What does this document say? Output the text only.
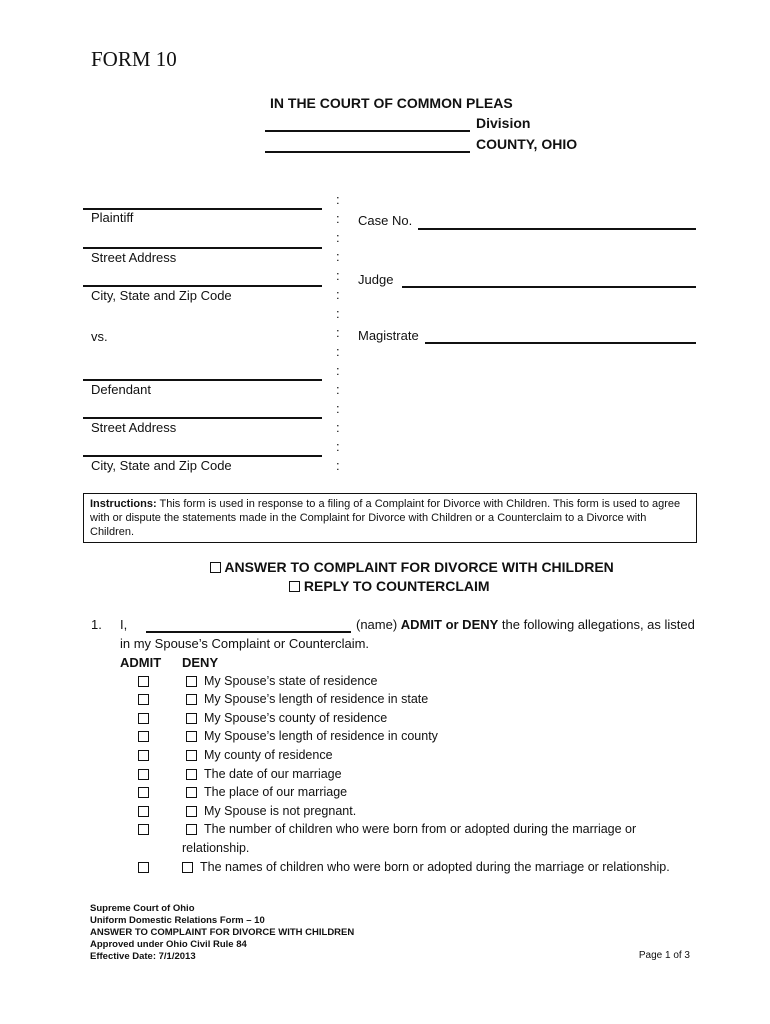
FORM 10
IN THE COURT OF COMMON PLEAS
Division
COUNTY, OHIO
Plaintiff
Street Address
City, State and Zip Code
vs.
Defendant
Street Address
City, State and Zip Code
:
:
:
:
:
:
:
:
:
:
:
:
:
:
:
Case No.
Judge
Magistrate
Instructions: This form is used in response to a filing of a Complaint for Divorce with Children. This form is used to agree with or dispute the statements made in the Complaint for Divorce with Children or a Counterclaim to a Divorce with Children.
ANSWER TO COMPLAINT FOR DIVORCE WITH CHILDREN
REPLY TO COUNTERCLAIM
1. I,	(name) ADMIT or DENY the following allegations, as listed
in my Spouse’s Complaint or Counterclaim.
ADMIT DENY
My Spouse’s state of residence
My Spouse’s length of residence in state
My Spouse’s county of residence
My Spouse’s length of residence in county
My county of residence
The date of our marriage
The place of our marriage
My Spouse is not pregnant.
The number of children who were born from or adopted during the marriage or
relationship.
The names of children who were born or adopted during the marriage or relationship.
Supreme Court of Ohio
Uniform Domestic Relations Form – 10
ANSWER TO COMPLAINT FOR DIVORCE WITH CHILDREN
Approved under Ohio Civil Rule 84
Effective Date: 7/1/2013	Page 1 of 3
